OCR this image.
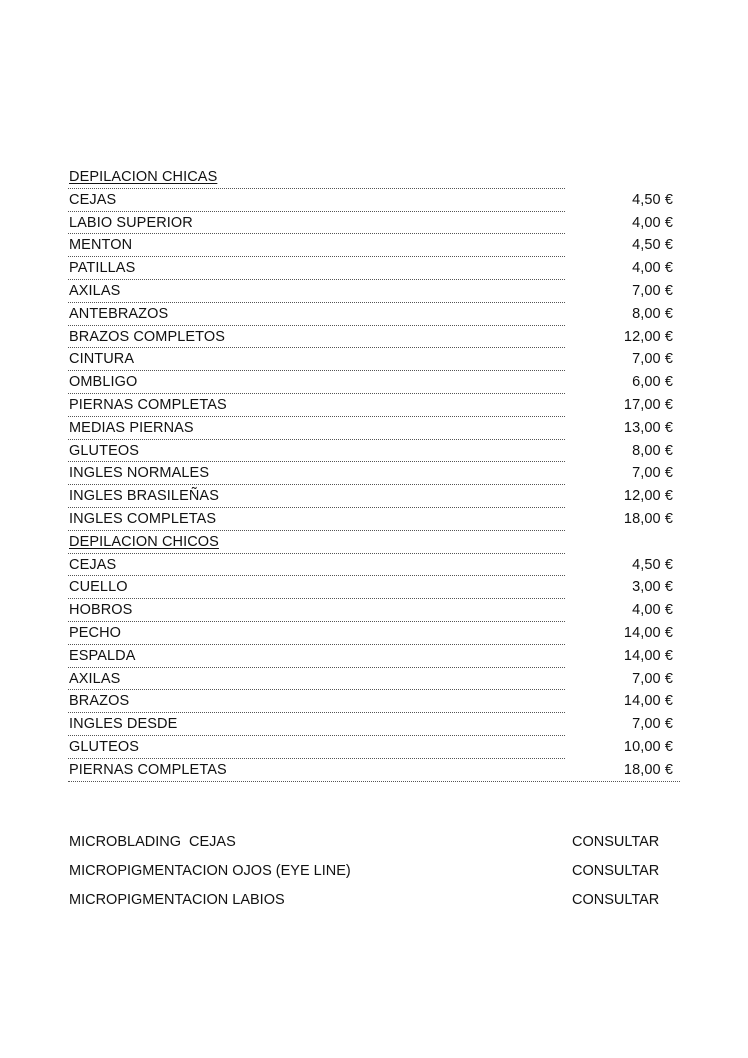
DEPILACION CHICAS
CEJAS	4,50 €
LABIO SUPERIOR	4,00 €
MENTON	4,50 €
PATILLAS	4,00 €
AXILAS	7,00 €
ANTEBRAZOS	8,00 €
BRAZOS COMPLETOS	12,00 €
CINTURA	7,00 €
OMBLIGO	6,00 €
PIERNAS COMPLETAS	17,00 €
MEDIAS PIERNAS	13,00 €
GLUTEOS	8,00 €
INGLES NORMALES	7,00 €
INGLES BRASILEÑAS	12,00 €
INGLES COMPLETAS	18,00 €
DEPILACION CHICOS
CEJAS	4,50 €
CUELLO	3,00 €
HOBROS	4,00 €
PECHO	14,00 €
ESPALDA	14,00 €
AXILAS	7,00 €
BRAZOS	14,00 €
INGLES DESDE	7,00 €
GLUTEOS	10,00 €
PIERNAS COMPLETAS	18,00 €
MICROBLADING  CEJAS	CONSULTAR
MICROPIGMENTACION OJOS (EYE LINE)	CONSULTAR
MICROPIGMENTACION LABIOS	CONSULTAR
